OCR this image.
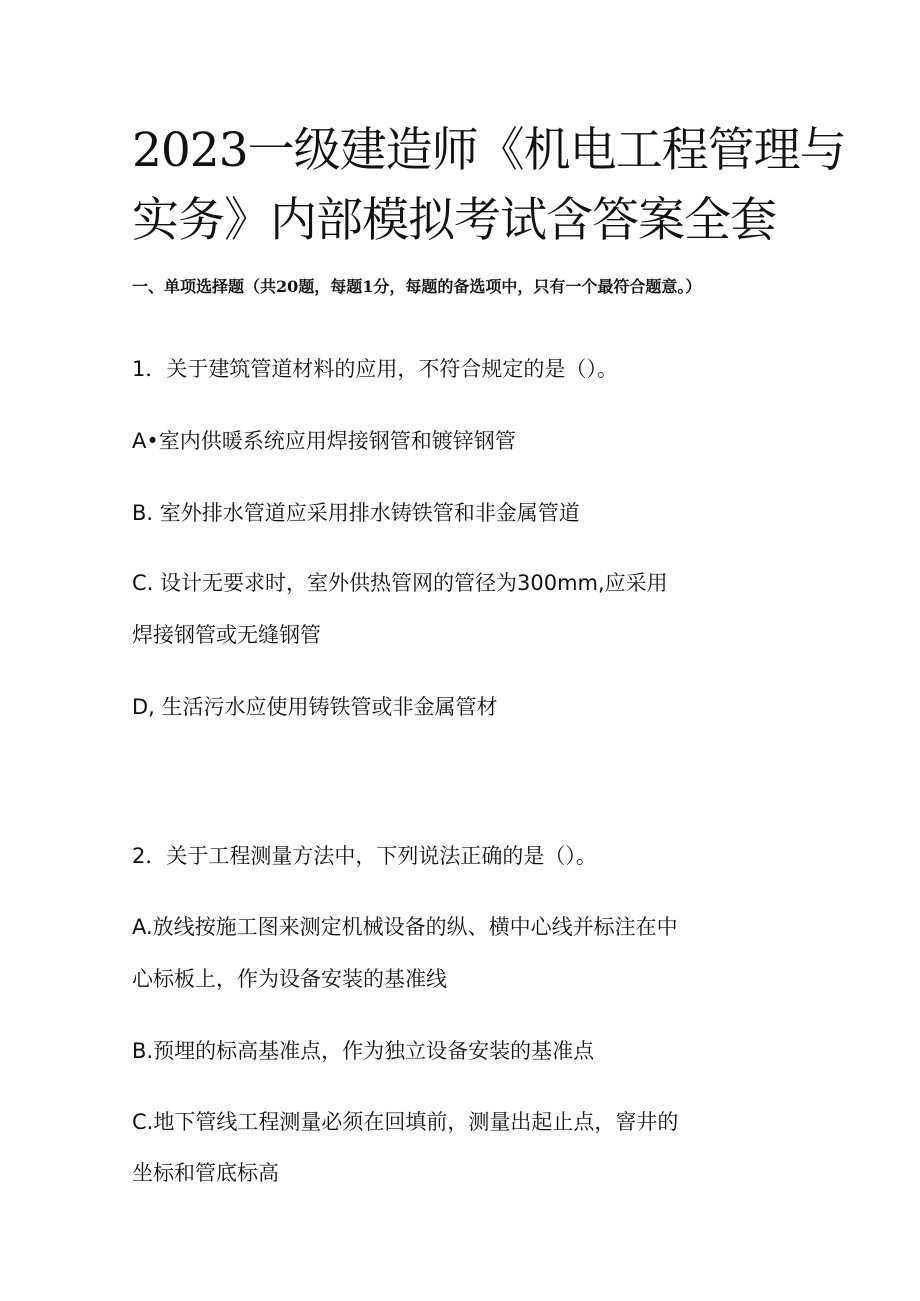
2023一级建造师《机电工程管理与
实务》内部模拟考试含答案全套

一、单项选择题（共20题，每题1分，每题的备选项中，只有一个最符合题意。）

1．关于建筑管道材料的应用，不符合规定的是（）。

A•室内供暖系统应用焊接钢管和镀锌钢管

B. 室外排水管道应采用排水铸铁管和非金属管道

C. 设计无要求时，室外供热管网的管径为300mm,应采用

焊接钢管或无缝钢管

D, 生活污水应使用铸铁管或非金属管材

2．关于工程测量方法中，下列说法正确的是（）。

A.放线按施工图来测定机械设备的纵、横中心线并标注在中

心标板上，作为设备安装的基准线

B.预埋的标高基准点，作为独立设备安装的基准点

C.地下管线工程测量必须在回填前，测量出起止点，窨井的

坐标和管底标高
